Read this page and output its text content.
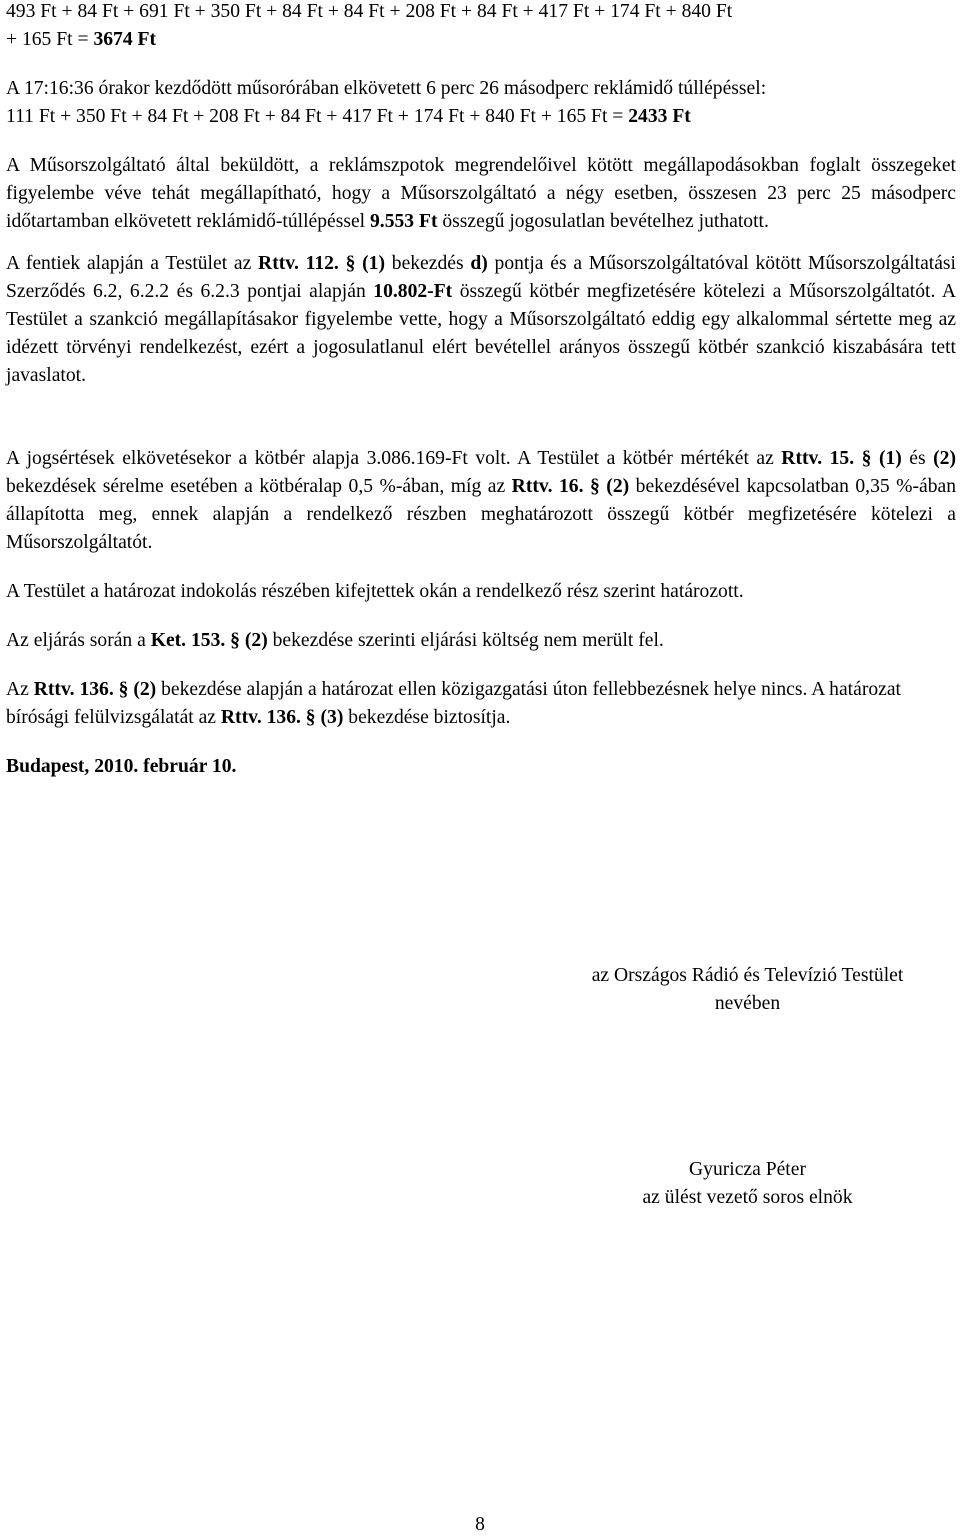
493 Ft + 84 Ft + 691 Ft + 350 Ft + 84 Ft + 84 Ft + 208 Ft + 84 Ft + 417 Ft + 174 Ft + 840 Ft
+ 165 Ft = 3674 Ft

A 17:16:36 órakor kezdődött műsorórában elkövetett 6 perc 26 másodperc reklámidő túllépéssel:

111 Ft + 350 Ft + 84 Ft + 208 Ft + 84 Ft + 417 Ft + 174 Ft + 840 Ft + 165 Ft = 2433 Ft

A Műsorszolgáltató által beküldött, a reklámszpotok megrendelőivel kötött megállapodásokban foglalt összegeket figyelembe véve tehát megállapítható, hogy a Műsorszolgáltató a négy esetben, összesen 23 perc 25 másodperc időtartamban elkövetett reklámidő-túllépéssel 9.553 Ft összegű jogosulatlan bevételhez juthatott.

A fentiek alapján a Testület az Rttv. 112. § (1) bekezdés d) pontja és a Műsorszolgáltatóval kötött Műsorszolgáltatási Szerződés 6.2, 6.2.2 és 6.2.3 pontjai alapján 10.802-Ft összegű kötbér megfizetésére kötelezi a Műsorszolgáltatót. A Testület a szankció megállapításakor figyelembe vette, hogy a Műsorszolgáltató eddig egy alkalommal sértette meg az idézett törvényi rendelkezést, ezért a jogosulatlanul elért bevétellel arányos összegű kötbér szankció kiszabására tett javaslatot.

A jogsértések elkövetésekor a kötbér alapja 3.086.169-Ft volt. A Testület a kötbér mértékét az Rttv. 15. § (1) és (2) bekezdések sérelme esetében a kötbéralap 0,5 %-ában, míg az Rttv. 16. § (2) bekezdésével kapcsolatban 0,35 %-ában állapította meg, ennek alapján a rendelkező részben meghatározott összegű kötbér megfizetésére kötelezi a Műsorszolgáltatót.

A Testület a határozat indokolás részében kifejtettek okán a rendelkező rész szerint határozott.

Az eljárás során a Ket. 153. § (2) bekezdése szerinti eljárási költség nem merült fel.

Az Rttv. 136. § (2) bekezdése alapján a határozat ellen közigazgatási úton fellebbezésnek helye nincs. A határozat bírósági felülvizsgálatát az Rttv. 136. § (3) bekezdése biztosítja.

Budapest, 2010. február 10.

az Országos Rádió és Televízió Testület
nevében
Gyuricza Péter
az ülést vezető soros elnök
8
